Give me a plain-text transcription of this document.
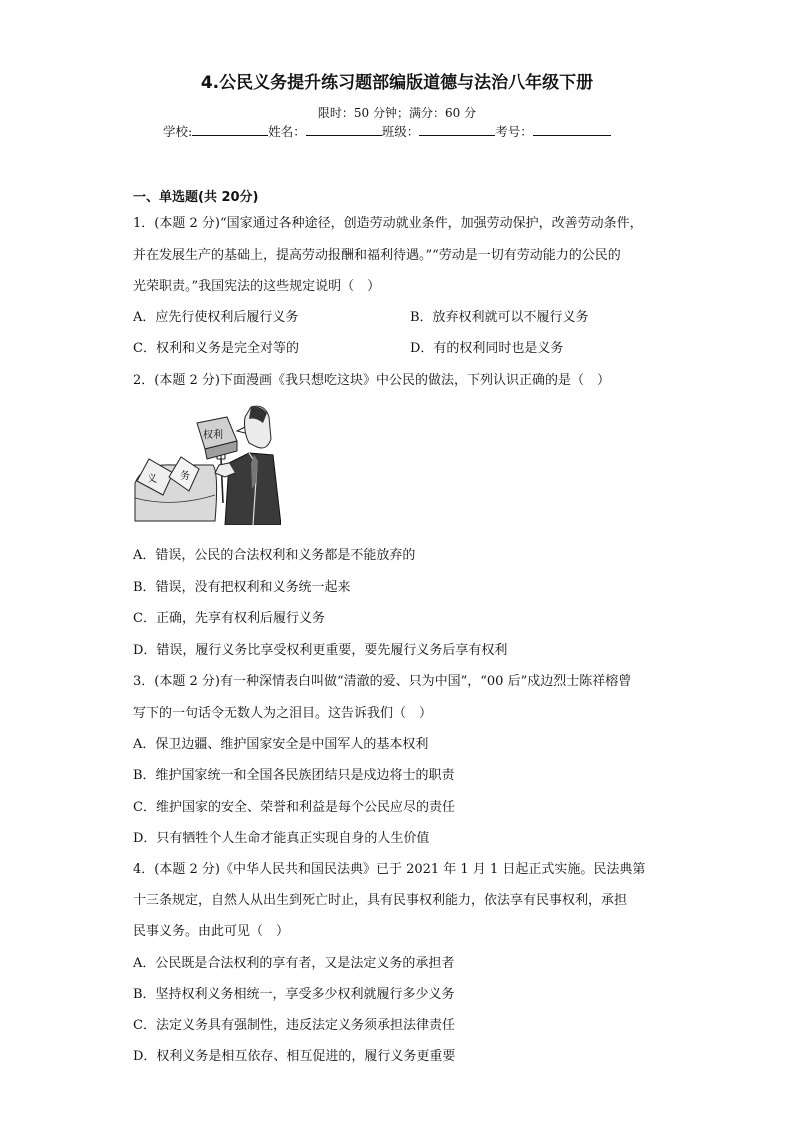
4.公民义务提升练习题部编版道德与法治八年级下册
限时：50 分钟；满分：60 分
学校:	姓名：	班级：	考号：
一、单选题(共 20分)
1．(本题 2 分)“国家通过各种途径，创造劳动就业条件，加强劳动保护，改善劳动条件，
并在发展生产的基础上，提高劳动报酬和福利待遇。”“劳动是一切有劳动能力的公民的
光荣职责。”我国宪法的这些规定说明（　）
A．应先行使权利后履行义务	B．放弃权利就可以不履行义务
C．权利和义务是完全对等的	D．有的权利同时也是义务
2．(本题 2 分)下面漫画《我只想吃这块》中公民的做法，下列认识正确的是（　）
义 务
权利
A．错误，公民的合法权利和义务都是不能放弃的
B．错误，没有把权利和义务统一起来
C．正确，先享有权利后履行义务
D．错误，履行义务比享受权利更重要，要先履行义务后享有权利
3．(本题 2 分)有一种深情表白叫做“清澈的爱、只为中国”，“00 后”戍边烈士陈祥榕曾
写下的一句话令无数人为之泪目。这告诉我们（　）
A．保卫边疆、维护国家安全是中国军人的基本权利
B．维护国家统一和全国各民族团结只是戍边将士的职责
C．维护国家的安全、荣誉和利益是每个公民应尽的责任
D．只有牺牲个人生命才能真正实现自身的人生价值
4．(本题 2 分)《中华人民共和国民法典》已于 2021 年 1 月 1 日起正式实施。民法典第
十三条规定，自然人从出生到死亡时止，具有民事权利能力，依法享有民事权利，承担
民事义务。由此可见（　）
A．公民既是合法权利的享有者，又是法定义务的承担者
B．坚持权利义务相统一，享受多少权利就履行多少义务
C．法定义务具有强制性，违反法定义务须承担法律责任
D．权利义务是相互依存、相互促进的，履行义务更重要
